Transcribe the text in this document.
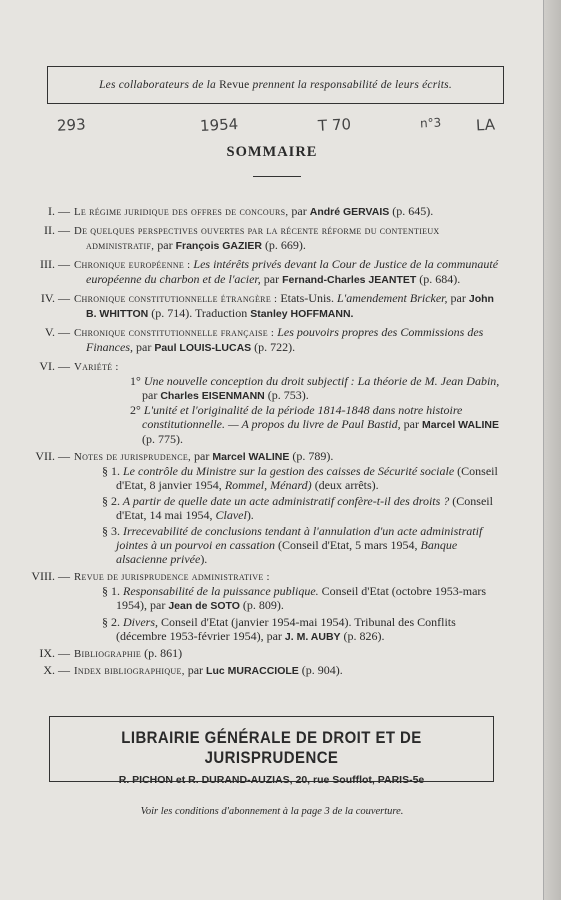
Les collaborateurs de la
Revue
prennent la responsabilité de leurs écrits.
293	1954	T 70	n°3 LA
SOMMAIRE
I. — Le régime juridique des offres de concours, par André GERVAIS (p. 645).
II. — De quelques perspectives ouvertes par la récente réforme du contentieux administratif, par François GAZIER (p. 669).
III. — Chronique européenne : Les intérêts privés devant la Cour de Justice de la communauté européenne du charbon et de l'acier, par Fernand-Charles JEANTET (p. 684).
IV. — Chronique constitutionnelle étrangère : Etats-Unis. L'amendement Bricker, par John B. WHITTON (p. 714). Traduction Stanley HOFFMANN.
V. — Chronique constitutionnelle française : Les pouvoirs propres des Commissions des Finances, par Paul LOUIS-LUCAS (p. 722).
VI. — Variété :
1° Une nouvelle conception du droit subjectif : La théorie de M. Jean Dabin, par Charles EISENMANN (p. 753).
2° L'unité et l'originalité de la période 1814-1848 dans notre histoire constitutionnelle. — A propos du livre de Paul Bastid, par Marcel WALINE (p. 775).
VII. — Notes de jurisprudence, par Marcel WALINE (p. 789).
§ 1. Le contrôle du Ministre sur la gestion des caisses de Sécurité sociale (Conseil d'Etat, 8 janvier 1954, Rommel, Ménard) (deux arrêts).
§ 2. A partir de quelle date un acte administratif confère-t-il des droits ? (Conseil d'Etat, 14 mai 1954, Clavel).
§ 3. Irrecevabilité de conclusions tendant à l'annulation d'un acte administratif jointes à un pourvoi en cassation (Conseil d'Etat, 5 mars 1954, Banque alsacienne privée).
VIII. — Revue de jurisprudence administrative :
§ 1. Responsabilité de la puissance publique. Conseil d'Etat (octobre 1953-mars 1954), par Jean de SOTO (p. 809).
§ 2. Divers, Conseil d'Etat (janvier 1954-mai 1954). Tribunal des Conflits (décembre 1953-février 1954), par J. M. AUBY (p. 826).
IX. — Bibliographie (p. 861)
X. — Index bibliographique, par Luc MURACCIOLE (p. 904).
LIBRAIRIE GÉNÉRALE DE DROIT ET DE JURISPRUDENCE
R. PICHON et R. DURAND-AUZIAS, 20, rue Soufflot, PARIS-5e
Voir les conditions d'abonnement à la page 3 de la couverture.
